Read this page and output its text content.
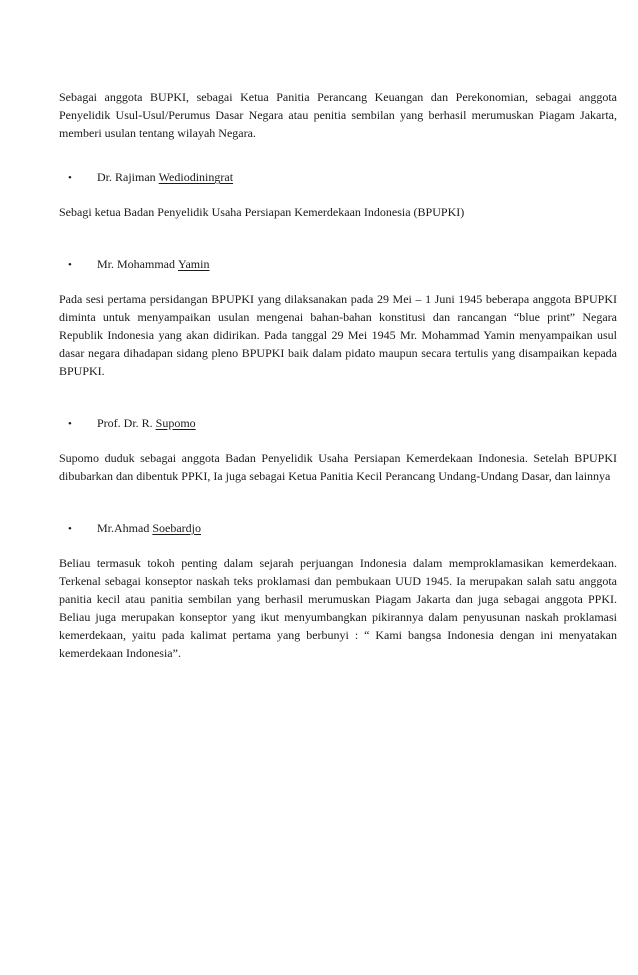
Sebagai anggota BUPKI, sebagai Ketua Panitia Perancang Keuangan dan Perekonomian, sebagai anggota Penyelidik Usul-Usul/Perumus Dasar Negara atau penitia sembilan yang berhasil merumuskan Piagam Jakarta, memberi usulan tentang wilayah Negara.

•	Dr. Rajiman Wediodiningrat

Sebagi ketua Badan Penyelidik Usaha Persiapan Kemerdekaan Indonesia (BPUPKI)

•	Mr. Mohammad Yamin

Pada sesi pertama persidangan BPUPKI yang dilaksanakan pada 29 Mei – 1 Juni 1945 beberapa anggota BPUPKI diminta untuk menyampaikan usulan mengenai bahan-bahan konstitusi dan rancangan “blue print” Negara Republik Indonesia yang akan didirikan. Pada tanggal 29 Mei 1945 Mr. Mohammad Yamin menyampaikan usul dasar negara dihadapan sidang pleno BPUPKI baik dalam pidato maupun secara tertulis yang disampaikan kepada BPUPKI.

•	Prof. Dr. R. Supomo

Supomo duduk sebagai anggota Badan Penyelidik Usaha Persiapan Kemerdekaan Indonesia. Setelah BPUPKI dibubarkan dan dibentuk PPKI, Ia juga sebagai Ketua Panitia Kecil Perancang Undang-Undang Dasar, dan lainnya

•	Mr.Ahmad Soebardjo

Beliau termasuk tokoh penting dalam sejarah perjuangan Indonesia dalam memproklamasikan kemerdekaan. Terkenal sebagai konseptor naskah teks proklamasi dan pembukaan UUD 1945. Ia merupakan salah satu anggota panitia kecil atau panitia sembilan yang berhasil merumuskan Piagam Jakarta dan juga sebagai anggota PPKI. Beliau juga merupakan konseptor yang ikut menyumbangkan pikirannya dalam penyusunan naskah proklamasi kemerdekaan, yaitu pada kalimat pertama yang berbunyi : “ Kami bangsa Indonesia dengan ini menyatakan kemerdekaan Indonesia”.
